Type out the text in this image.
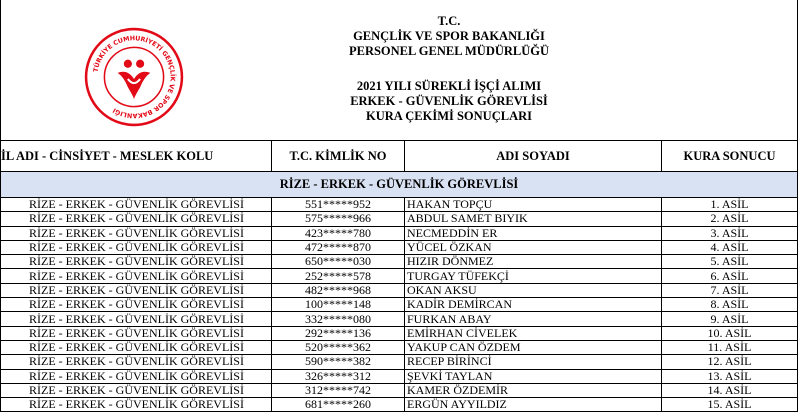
TÜRKİYE CUMHURİYETİ GENÇLİK VE SPOR BAKANLIĞI
T.C.
GENÇLİK VE SPOR BAKANLIĞI
PERSONEL GENEL MÜDÜRLÜĞÜ
2021 YILI SÜREKLİ İŞÇİ ALIMI
ERKEK - GÜVENLİK GÖREVLİSİ
KURA ÇEKİMİ SONUÇLARI
İL ADI - CİNSİYET - MESLEK KOLU	T.C. KİMLİK NO	ADI SOYADI	KURA SONUCU
RİZE - ERKEK - GÜVENLİK GÖREVLİSİ			
RİZE - ERKEK - GÜVENLİK GÖREVLİSİ	551*****952	HAKAN TOPÇU	1. ASİL
RİZE - ERKEK - GÜVENLİK GÖREVLİSİ	575*****966	ABDUL SAMET BIYIK	2. ASİL
RİZE - ERKEK - GÜVENLİK GÖREVLİSİ	423*****780	NECMEDDİN ER	3. ASİL
RİZE - ERKEK - GÜVENLİK GÖREVLİSİ	472*****870	YÜCEL ÖZKAN	4. ASİL
RİZE - ERKEK - GÜVENLİK GÖREVLİSİ	650*****030	HIZIR DÖNMEZ	5. ASİL
RİZE - ERKEK - GÜVENLİK GÖREVLİSİ	252*****578	TURGAY TÜFEKÇİ	6. ASİL
RİZE - ERKEK - GÜVENLİK GÖREVLİSİ	482*****968	OKAN AKSU	7. ASİL
RİZE - ERKEK - GÜVENLİK GÖREVLİSİ	100*****148	KADİR DEMİRCAN	8. ASİL
RİZE - ERKEK - GÜVENLİK GÖREVLİSİ	332*****080	FURKAN ABAY	9. ASİL
RİZE - ERKEK - GÜVENLİK GÖREVLİSİ	292*****136	EMİRHAN CİVELEK	10. ASİL
RİZE - ERKEK - GÜVENLİK GÖREVLİSİ	520*****362	YAKUP CAN ÖZDEM	11. ASİL
RİZE - ERKEK - GÜVENLİK GÖREVLİSİ	590*****382	RECEP BİRİNCİ	12. ASİL
RİZE - ERKEK - GÜVENLİK GÖREVLİSİ	326*****312	ŞEVKİ TAYLAN	13. ASİL
RİZE - ERKEK - GÜVENLİK GÖREVLİSİ	312*****742	KAMER ÖZDEMİR	14. ASİL
RİZE - ERKEK - GÜVENLİK GÖREVLİSİ	681*****260	ERGÜN AYYILDIZ	15. ASİL
